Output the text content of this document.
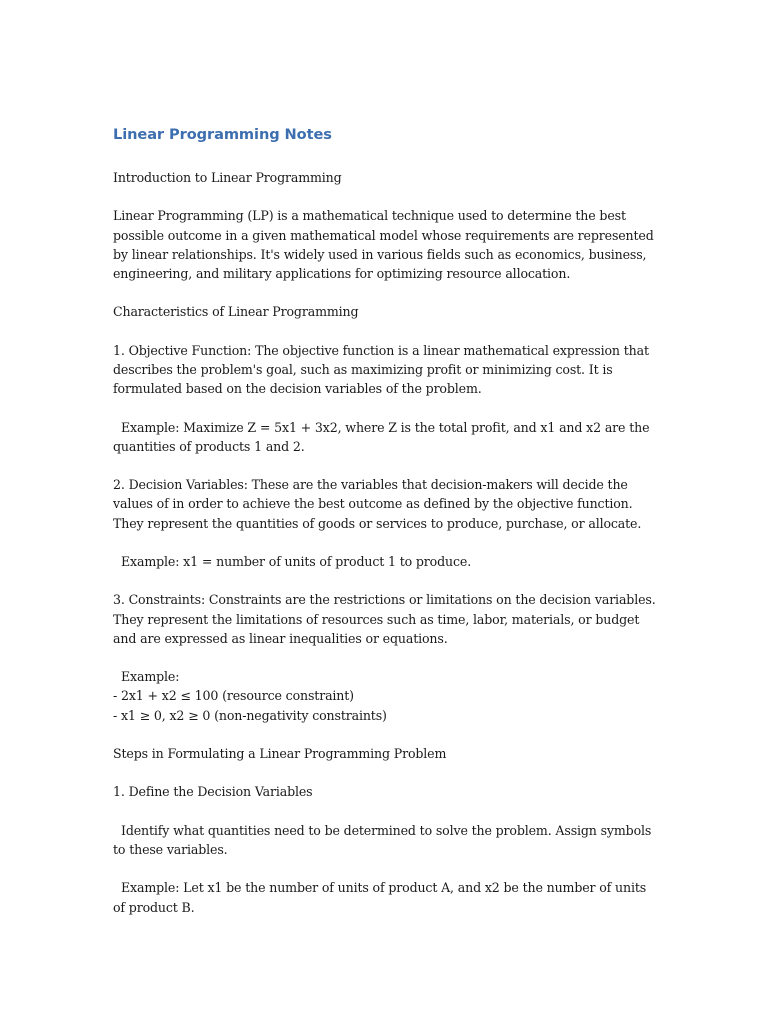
Linear Programming Notes

Introduction to Linear Programming

Linear Programming (LP) is a mathematical technique used to determine the best possible outcome in a given mathematical model whose requirements are represented by linear relationships. It's widely used in various fields such as economics, business, engineering, and military applications for optimizing resource allocation.

Characteristics of Linear Programming

1. Objective Function: The objective function is a linear mathematical expression that describes the problem's goal, such as maximizing profit or minimizing cost. It is formulated based on the decision variables of the problem.

Example: Maximize Z = 5x1 + 3x2, where Z is the total profit, and x1 and x2 are the quantities of products 1 and 2.

2. Decision Variables: These are the variables that decision-makers will decide the values of in order to achieve the best outcome as defined by the objective function. They represent the quantities of goods or services to produce, purchase, or allocate.

Example: x1 = number of units of product 1 to produce.

3. Constraints: Constraints are the restrictions or limitations on the decision variables. They represent the limitations of resources such as time, labor, materials, or budget and are expressed as linear inequalities or equations.

Example:
- 2x1 + x2 ≤ 100 (resource constraint)
- x1 ≥ 0, x2 ≥ 0 (non-negativity constraints)

Steps in Formulating a Linear Programming Problem

1. Define the Decision Variables

Identify what quantities need to be determined to solve the problem. Assign symbols to these variables.

Example: Let x1 be the number of units of product A, and x2 be the number of units of product B.
